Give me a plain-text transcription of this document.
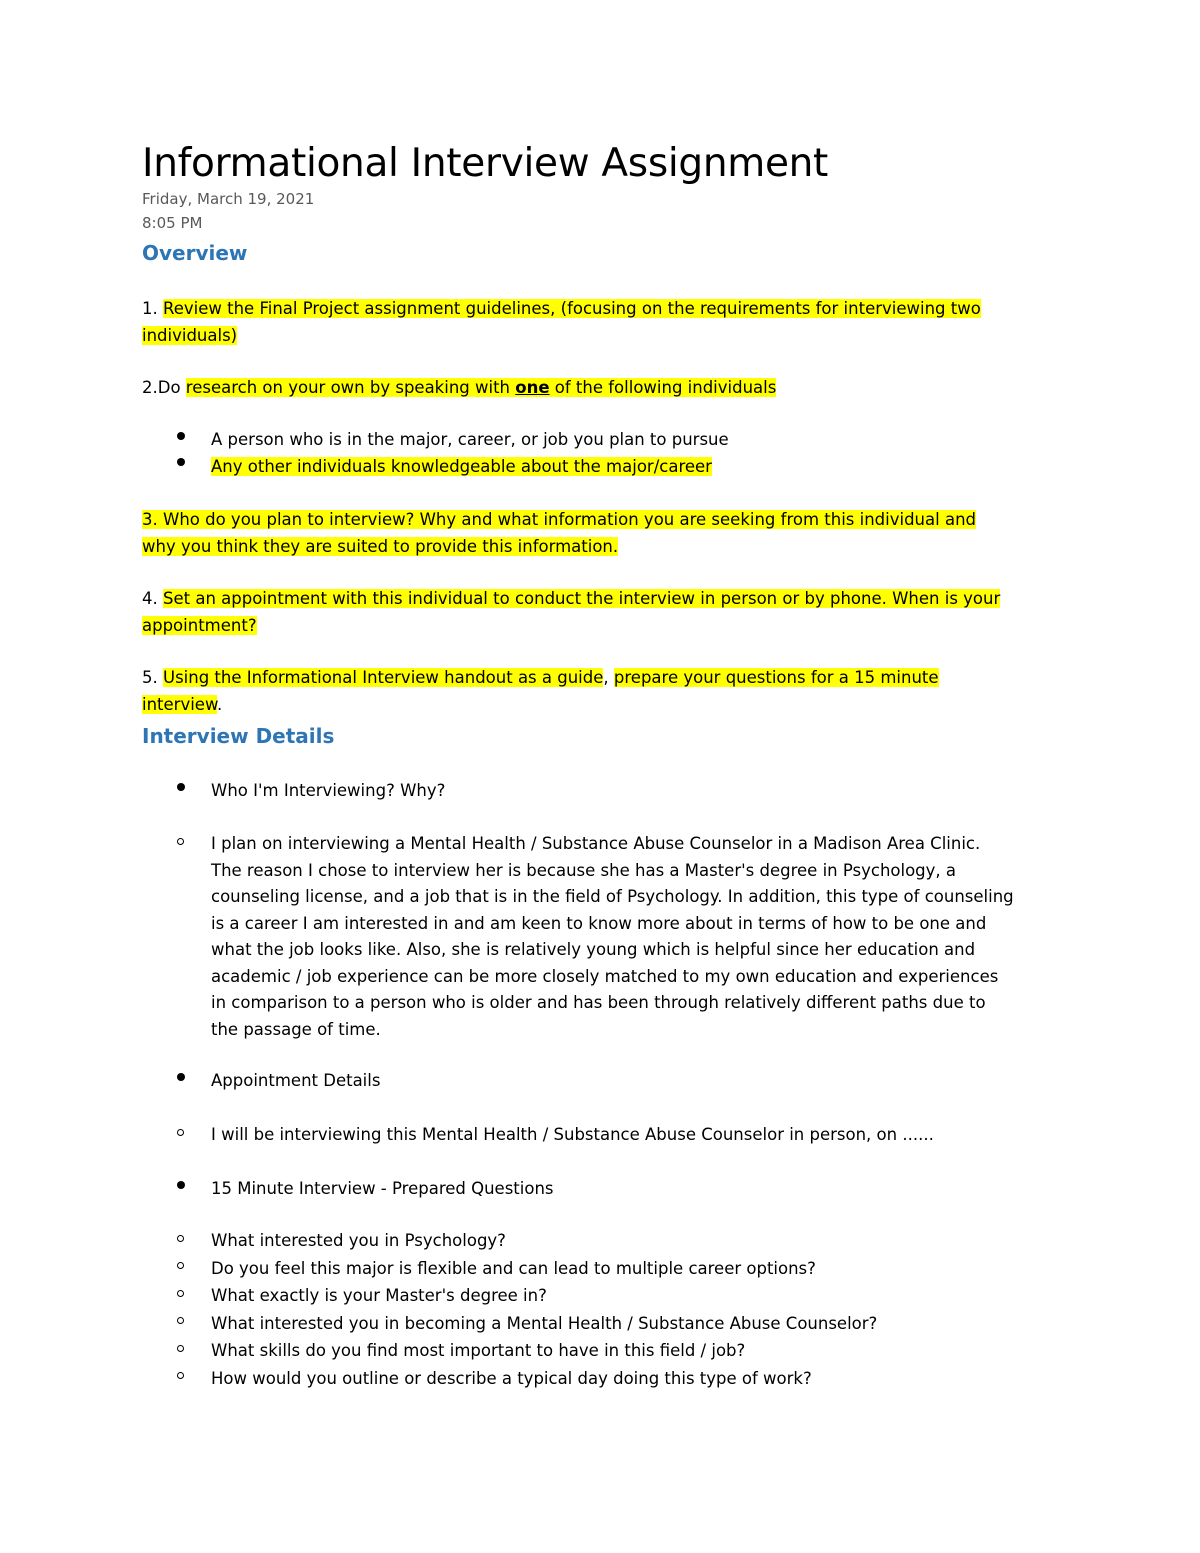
Informational Interview Assignment
Friday, March 19, 2021
8:05 PM
Overview
1. Review the Final Project assignment guidelines, (focusing on the requirements for interviewing two
individuals)
2.Do research on your own by speaking with one of the following individuals
A person who is in the major, career, or job you plan to pursue
Any other individuals knowledgeable about the major/career
3. Who do you plan to interview? Why and what information you are seeking from this individual and
why you think they are suited to provide this information.
4. Set an appointment with this individual to conduct the interview in person or by phone. When is your
appointment?
5. Using the Informational Interview handout as a guide, prepare your questions for a 15 minute
interview.
Interview Details
Who I'm Interviewing? Why?
I plan on interviewing a Mental Health / Substance Abuse Counselor in a Madison Area Clinic.
The reason I chose to interview her is because she has a Master's degree in Psychology, a
counseling license, and a job that is in the field of Psychology. In addition, this type of counseling
is a career I am interested in and am keen to know more about in terms of how to be one and
what the job looks like. Also, she is relatively young which is helpful since her education and
academic / job experience can be more closely matched to my own education and experiences
in comparison to a person who is older and has been through relatively different paths due to
the passage of time.
Appointment Details
I will be interviewing this Mental Health / Substance Abuse Counselor in person, on ......
15 Minute Interview - Prepared Questions
What interested you in Psychology?
Do you feel this major is flexible and can lead to multiple career options?
What exactly is your Master's degree in?
What interested you in becoming a Mental Health / Substance Abuse Counselor?
What skills do you find most important to have in this field / job?
How would you outline or describe a typical day doing this type of work?
